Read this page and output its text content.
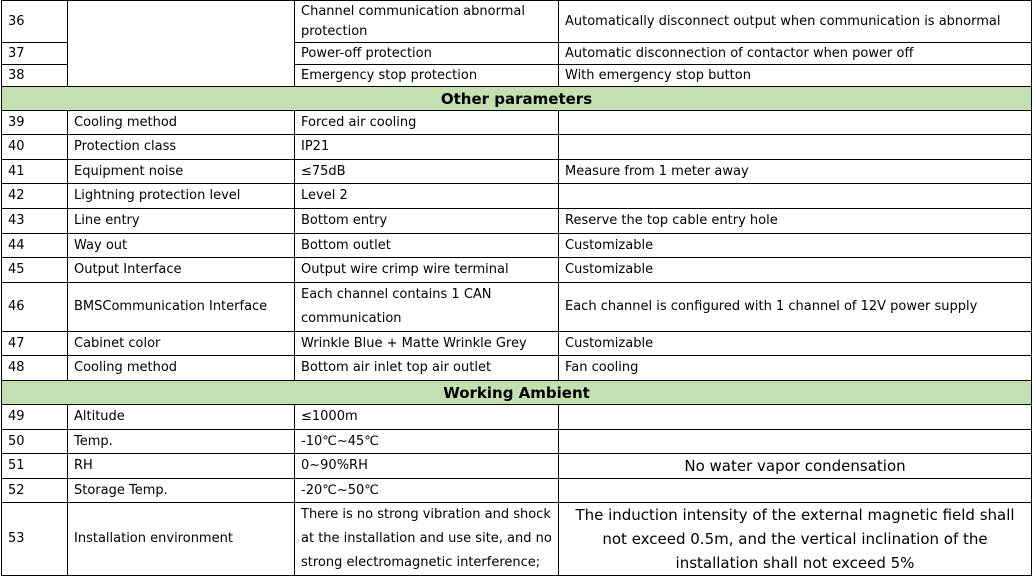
36		Channel communication abnormal protection	Automatically disconnect output when communication is abnormal
37		Power-off protection	Automatic disconnection of contactor when power off
38		Emergency stop protection	With emergency stop button
Other parameters			
39	Cooling method	Forced air cooling	
40	Protection class	IP21	
41	Equipment noise	≤75dB	Measure from 1 meter away
42	Lightning protection level	Level 2	
43	Line entry	Bottom entry	Reserve the top cable entry hole
44	Way out	Bottom outlet	Customizable
45	Output Interface	Output wire crimp wire terminal	Customizable
46	BMSCommunication Interface	Each channel contains 1 CAN communication	Each channel is configured with 1 channel of 12V power supply
47	Cabinet color	Wrinkle Blue + Matte Wrinkle Grey	Customizable
48	Cooling method	Bottom air inlet top air outlet	Fan cooling
Working Ambient			
49	Altitude	≤1000m	
50	Temp.	-10℃~45℃	
51	RH	0~90%RH	No water vapor condensation
52	Storage Temp.	-20℃~50℃	
53	Installation environment	There is no strong vibration and shock at the installation and use site, and no strong electromagnetic interference;	The induction intensity of the external magnetic field shall not exceed 0.5m, and the vertical inclination of the installation shall not exceed 5%
